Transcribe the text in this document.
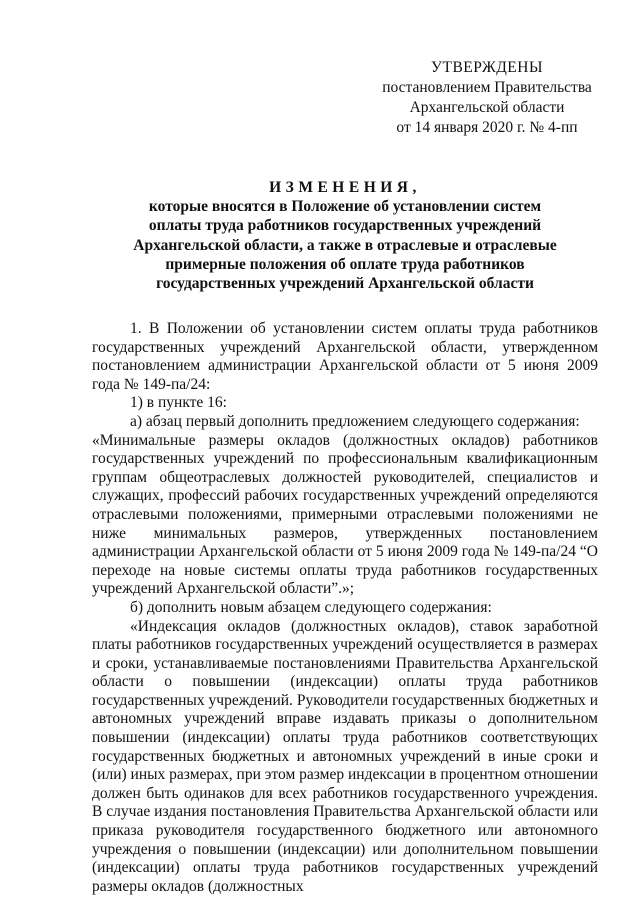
УТВЕРЖДЕНЫ
постановлением Правительства
Архангельской области
от 14 января 2020 г. № 4-пп
ИЗМЕНЕНИЯ,
которые вносятся в Положение об установлении систем
оплаты труда работников государственных учреждений
Архангельской области, а также в отраслевые и отраслевые
примерные положения об оплате труда работников
государственных учреждений Архангельской области

1. В Положении об установлении систем оплаты труда работников государственных учреждений Архангельской области, утвержденном постановлением администрации Архангельской области от 5 июня 2009 года № 149-па/24:

1) в пункте 16:

а) абзац первый дополнить предложением следующего содержания:

«Минимальные размеры окладов (должностных окладов) работников государственных учреждений по профессиональным квалификационным группам общеотраслевых должностей руководителей, специалистов и служащих, профессий рабочих государственных учреждений определяются отраслевыми положениями, примерными отраслевыми положениями не ниже минимальных размеров, утвержденных постановлением администрации Архангельской области от 5 июня 2009 года № 149-па/24 “О переходе на новые системы оплаты труда работников государственных учреждений Архангельской области”.»;

б) дополнить новым абзацем следующего содержания:

«Индексация окладов (должностных окладов), ставок заработной платы работников государственных учреждений осуществляется в размерах и сроки, устанавливаемые постановлениями Правительства Архангельской области о повышении (индексации) оплаты труда работников государственных учреждений. Руководители государственных бюджетных и автономных учреждений вправе издавать приказы о дополнительном повышении (индексации) оплаты труда работников соответствующих государственных бюджетных и автономных учреждений в иные сроки и (или) иных размерах, при этом размер индексации в процентном отношении должен быть одинаков для всех работников государственного учреждения. В случае издания постановления Правительства Архангельской области или приказа руководителя государственного бюджетного или автономного учреждения о повышении (индексации) или дополнительном повышении (индексации) оплаты труда работников государственных учреждений размеры окладов (должностных
